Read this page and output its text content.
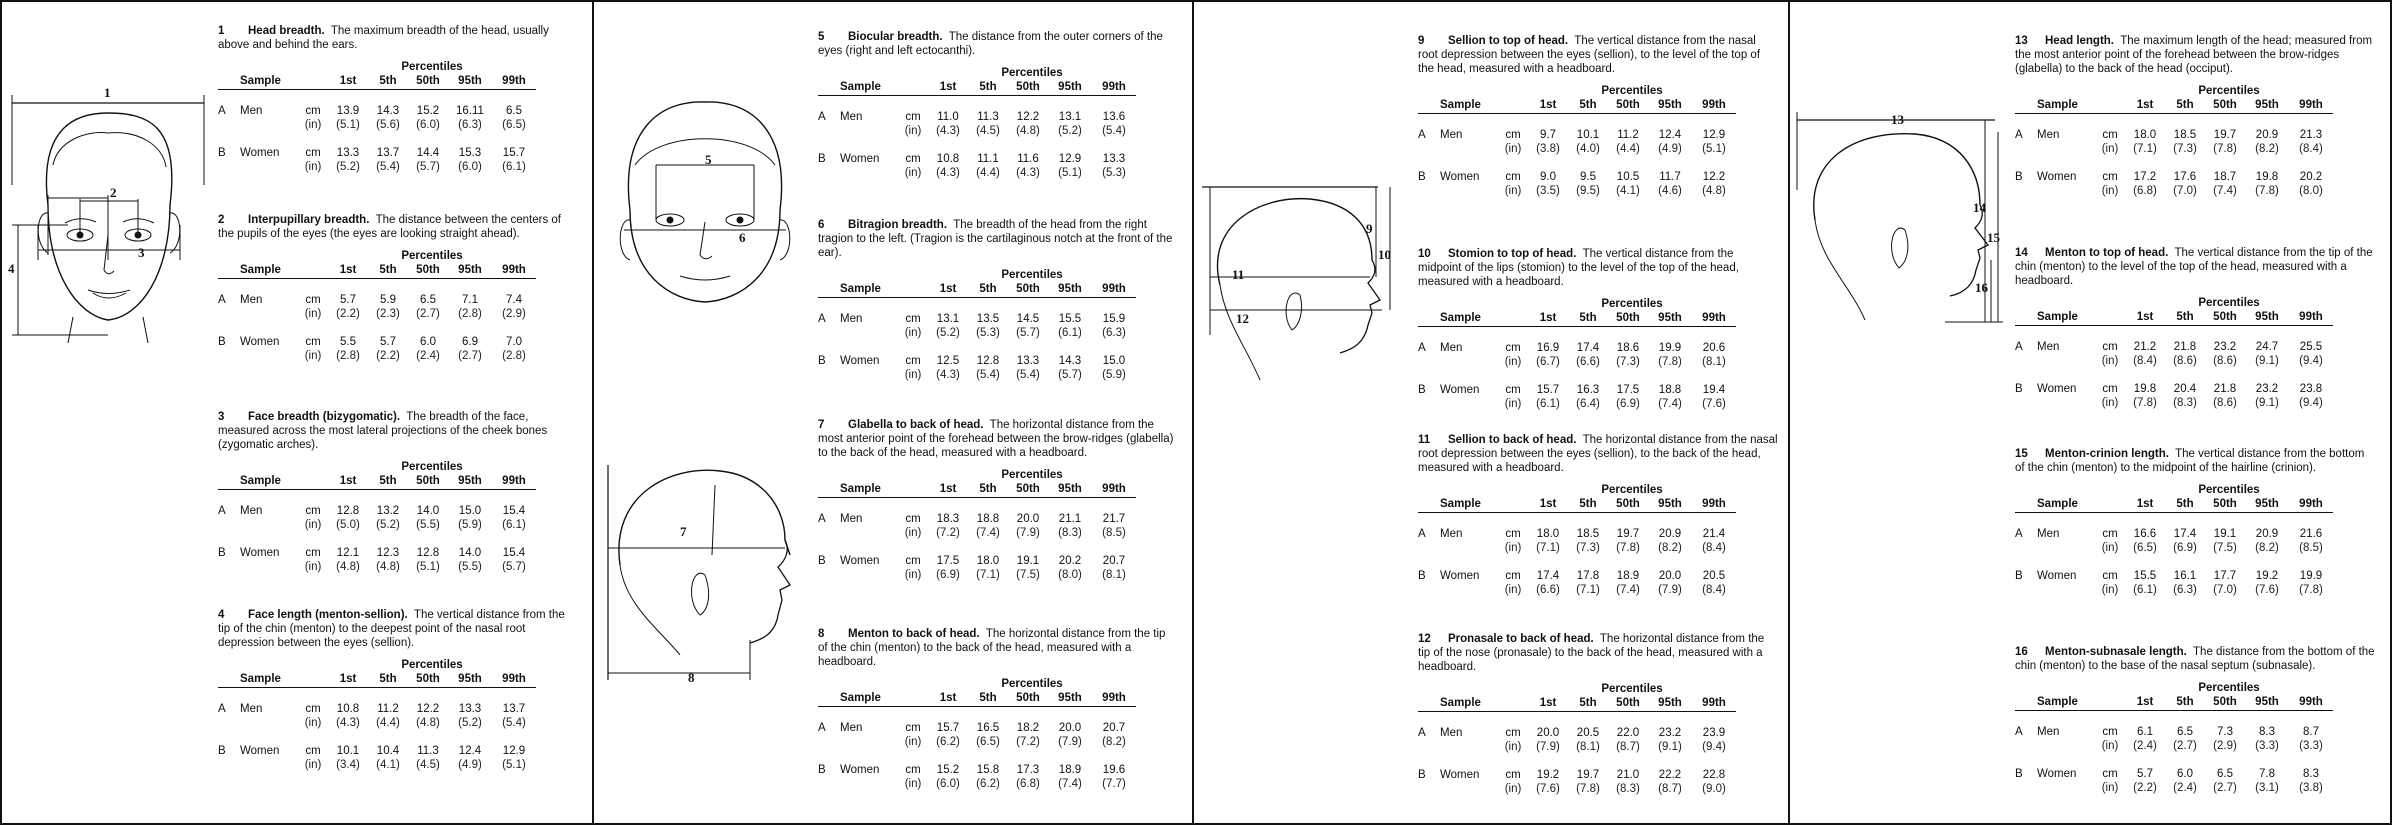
1
2
3
4
5
6
7
8
9
10
11
12
13
14
15
16
1 Head breadth. The maximum breadth of the head, usually above and behind the ears.
			Percentiles				
	Sample		1st	5th	50th	95th	99th
A	Men	cm	13.9	14.3	15.2	16.11	6.5
		(in)	(5.1)	(5.6)	(6.0)	(6.3)	(6.5)
B	Women	cm	13.3	13.7	14.4	15.3	15.7
		(in)	(5.2)	(5.4)	(5.7)	(6.0)	(6.1)
2 Interpupillary breadth. The distance between the centers of the pupils of the eyes (the eyes are looking straight ahead).
			Percentiles				
	Sample		1st	5th	50th	95th	99th
A	Men	cm	5.7	5.9	6.5	7.1	7.4
		(in)	(2.2)	(2.3)	(2.7)	(2.8)	(2.9)
B	Women	cm	5.5	5.7	6.0	6.9	7.0
		(in)	(2.8)	(2.2)	(2.4)	(2.7)	(2.8)
3 Face breadth (bizygomatic). The breadth of the face, measured across the most lateral projections of the cheek bones (zygomatic arches).
			Percentiles				
	Sample		1st	5th	50th	95th	99th
A	Men	cm	12.8	13.2	14.0	15.0	15.4
		(in)	(5.0)	(5.2)	(5.5)	(5.9)	(6.1)
B	Women	cm	12.1	12.3	12.8	14.0	15.4
		(in)	(4.8)	(4.8)	(5.1)	(5.5)	(5.7)
4 Face length (menton-sellion). The vertical distance from the tip of the chin (menton) to the deepest point of the nasal root depression between the eyes (sellion).
			Percentiles				
	Sample		1st	5th	50th	95th	99th
A	Men	cm	10.8	11.2	12.2	13.3	13.7
		(in)	(4.3)	(4.4)	(4.8)	(5.2)	(5.4)
B	Women	cm	10.1	10.4	11.3	12.4	12.9
		(in)	(3.4)	(4.1)	(4.5)	(4.9)	(5.1)
5 Biocular breadth. The distance from the outer corners of the eyes (right and left ectocanthi).
			Percentiles				
	Sample		1st	5th	50th	95th	99th
A	Men	cm	11.0	11.3	12.2	13.1	13.6
		(in)	(4.3)	(4.5)	(4.8)	(5.2)	(5.4)
B	Women	cm	10.8	11.1	11.6	12.9	13.3
		(in)	(4.3)	(4.4)	(4.3)	(5.1)	(5.3)
6 Bitragion breadth. The breadth of the head from the right tragion to the left. (Tragion is the cartilaginous notch at the front of the ear).
			Percentiles				
	Sample		1st	5th	50th	95th	99th
A	Men	cm	13.1	13.5	14.5	15.5	15.9
		(in)	(5.2)	(5.3)	(5.7)	(6.1)	(6.3)
B	Women	cm	12.5	12.8	13.3	14.3	15.0
		(in)	(4.3)	(5.4)	(5.4)	(5.7)	(5.9)
7 Glabella to back of head. The horizontal distance from the most anterior point of the forehead between the brow-ridges (glabella) to the back of the head, measured with a headboard.
			Percentiles				
	Sample		1st	5th	50th	95th	99th
A	Men	cm	18.3	18.8	20.0	21.1	21.7
		(in)	(7.2)	(7.4)	(7.9)	(8.3)	(8.5)
B	Women	cm	17.5	18.0	19.1	20.2	20.7
		(in)	(6.9)	(7.1)	(7.5)	(8.0)	(8.1)
8 Menton to back of head. The horizontal distance from the tip of the chin (menton) to the back of the head, measured with a headboard.
			Percentiles				
	Sample		1st	5th	50th	95th	99th
A	Men	cm	15.7	16.5	18.2	20.0	20.7
		(in)	(6.2)	(6.5)	(7.2)	(7.9)	(8.2)
B	Women	cm	15.2	15.8	17.3	18.9	19.6
		(in)	(6.0)	(6.2)	(6.8)	(7.4)	(7.7)
9 Sellion to top of head. The vertical distance from the nasal root depression between the eyes (sellion), to the level of the top of the head, measured with a headboard.
			Percentiles				
	Sample		1st	5th	50th	95th	99th
A	Men	cm	9.7	10.1	11.2	12.4	12.9
		(in)	(3.8)	(4.0)	(4.4)	(4.9)	(5.1)
B	Women	cm	9.0	9.5	10.5	11.7	12.2
		(in)	(3.5)	(9.5)	(4.1)	(4.6)	(4.8)
10 Stomion to top of head. The vertical distance from the midpoint of the lips (stomion) to the level of the top of the head, measured with a headboard.
			Percentiles				
	Sample		1st	5th	50th	95th	99th
A	Men	cm	16.9	17.4	18.6	19.9	20.6
		(in)	(6.7)	(6.6)	(7.3)	(7.8)	(8.1)
B	Women	cm	15.7	16.3	17.5	18.8	19.4
		(in)	(6.1)	(6.4)	(6.9)	(7.4)	(7.6)
11 Sellion to back of head. The horizontal distance from the nasal root depression between the eyes (sellion), to the back of the head, measured with a headboard.
			Percentiles				
	Sample		1st	5th	50th	95th	99th
A	Men	cm	18.0	18.5	19.7	20.9	21.4
		(in)	(7.1)	(7.3)	(7.8)	(8.2)	(8.4)
B	Women	cm	17.4	17.8	18.9	20.0	20.5
		(in)	(6.6)	(7.1)	(7.4)	(7.9)	(8.4)
12 Pronasale to back of head. The horizontal distance from the tip of the nose (pronasale) to the back of the head, measured with a headboard.
			Percentiles				
	Sample		1st	5th	50th	95th	99th
A	Men	cm	20.0	20.5	22.0	23.2	23.9
		(in)	(7.9)	(8.1)	(8.7)	(9.1)	(9.4)
B	Women	cm	19.2	19.7	21.0	22.2	22.8
		(in)	(7.6)	(7.8)	(8.3)	(8.7)	(9.0)
13 Head length. The maximum length of the head; measured from the most anterior point of the forehead between the brow-ridges (glabella) to the back of the head (occiput).
			Percentiles				
	Sample		1st	5th	50th	95th	99th
A	Men	cm	18.0	18.5	19.7	20.9	21.3
		(in)	(7.1)	(7.3)	(7.8)	(8.2)	(8.4)
B	Women	cm	17.2	17.6	18.7	19.8	20.2
		(in)	(6.8)	(7.0)	(7.4)	(7.8)	(8.0)
14 Menton to top of head. The vertical distance from the tip of the chin (menton) to the level of the top of the head, measured with a headboard.
			Percentiles				
	Sample		1st	5th	50th	95th	99th
A	Men	cm	21.2	21.8	23.2	24.7	25.5
		(in)	(8.4)	(8.6)	(8.6)	(9.1)	(9.4)
B	Women	cm	19.8	20.4	21.8	23.2	23.8
		(in)	(7.8)	(8.3)	(8.6)	(9.1)	(9.4)
15 Menton-crinion length. The vertical distance from the bottom of the chin (menton) to the midpoint of the hairline (crinion).
			Percentiles				
	Sample		1st	5th	50th	95th	99th
A	Men	cm	16.6	17.4	19.1	20.9	21.6
		(in)	(6.5)	(6.9)	(7.5)	(8.2)	(8.5)
B	Women	cm	15.5	16.1	17.7	19.2	19.9
		(in)	(6.1)	(6.3)	(7.0)	(7.6)	(7.8)
16 Menton-subnasale length. The distance from the bottom of the chin (menton) to the base of the nasal septum (subnasale).
			Percentiles				
	Sample		1st	5th	50th	95th	99th
A	Men	cm	6.1	6.5	7.3	8.3	8.7
		(in)	(2.4)	(2.7)	(2.9)	(3.3)	(3.3)
B	Women	cm	5.7	6.0	6.5	7.8	8.3
		(in)	(2.2)	(2.4)	(2.7)	(3.1)	(3.8)
